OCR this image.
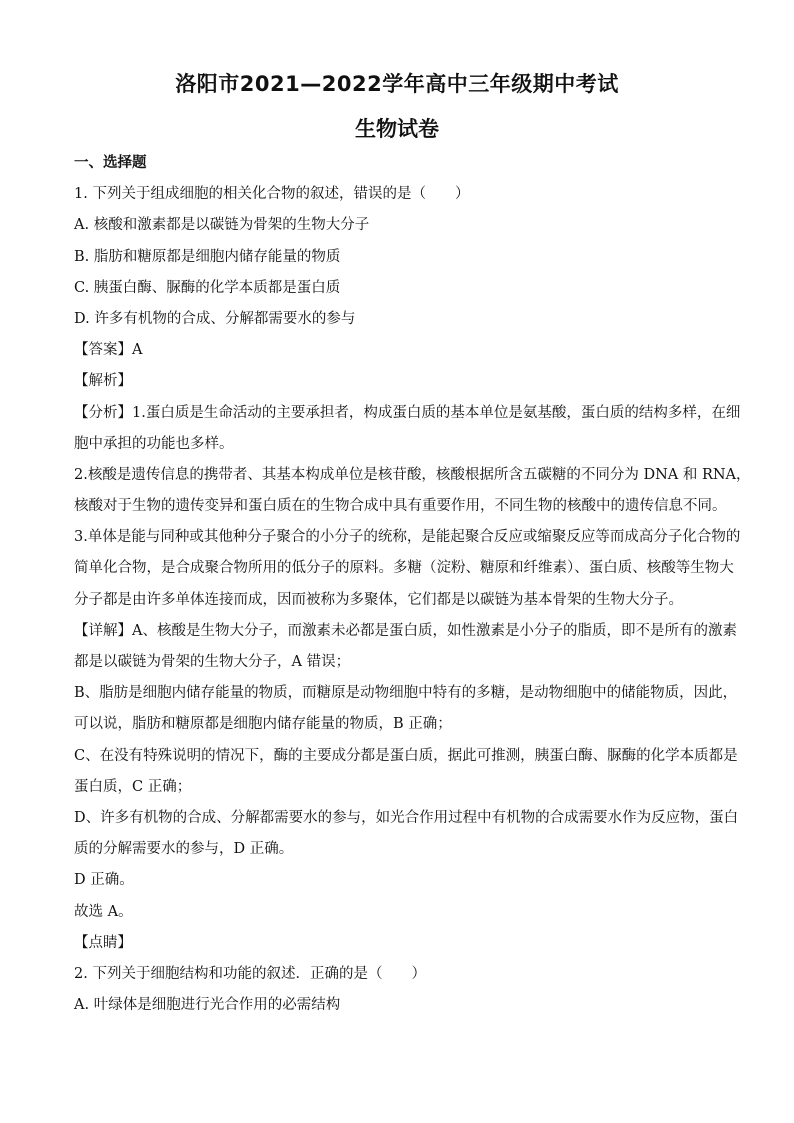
洛阳市2021—2022学年高中三年级期中考试
生物试卷
一、选择题
1. 下列关于组成细胞的相关化合物的叙述，错误的是（　　）
A. 核酸和激素都是以碳链为骨架的生物大分子
B. 脂肪和糖原都是细胞内储存能量的物质
C. 胰蛋白酶、脲酶的化学本质都是蛋白质
D. 许多有机物的合成、分解都需要水的参与
【答案】A
【解析】
【分析】1.蛋白质是生命活动的主要承担者，构成蛋白质的基本单位是氨基酸，蛋白质的结构多样，在细
胞中承担的功能也多样。
2.核酸是遗传信息的携带者、其基本构成单位是核苷酸，核酸根据所含五碳糖的不同分为 DNA 和 RNA，
核酸对于生物的遗传变异和蛋白质在的生物合成中具有重要作用，不同生物的核酸中的遗传信息不同。
3.单体是能与同种或其他种分子聚合的小分子的统称，是能起聚合反应或缩聚反应等而成高分子化合物的
简单化合物，是合成聚合物所用的低分子的原料。多糖（淀粉、糖原和纤维素）、蛋白质、核酸等生物大
分子都是由许多单体连接而成，因而被称为多聚体，它们都是以碳链为基本骨架的生物大分子。
【详解】A、核酸是生物大分子，而激素未必都是蛋白质，如性激素是小分子的脂质，即不是所有的激素
都是以碳链为骨架的生物大分子，A 错误；
B、脂肪是细胞内储存能量的物质，而糖原是动物细胞中特有的多糖，是动物细胞中的储能物质，因此，
可以说，脂肪和糖原都是细胞内储存能量的物质，B 正确；
C、在没有特殊说明的情况下，酶的主要成分都是蛋白质，据此可推测，胰蛋白酶、脲酶的化学本质都是
蛋白质，C 正确；
D、许多有机物的合成、分解都需要水的参与，如光合作用过程中有机物的合成需要水作为反应物，蛋白
质的分解需要水的参与，D 正确。
D 正确。
故选 A。
【点睛】
2. 下列关于细胞结构和功能的叙述．正确的是（　　）
A. 叶绿体是细胞进行光合作用的必需结构
